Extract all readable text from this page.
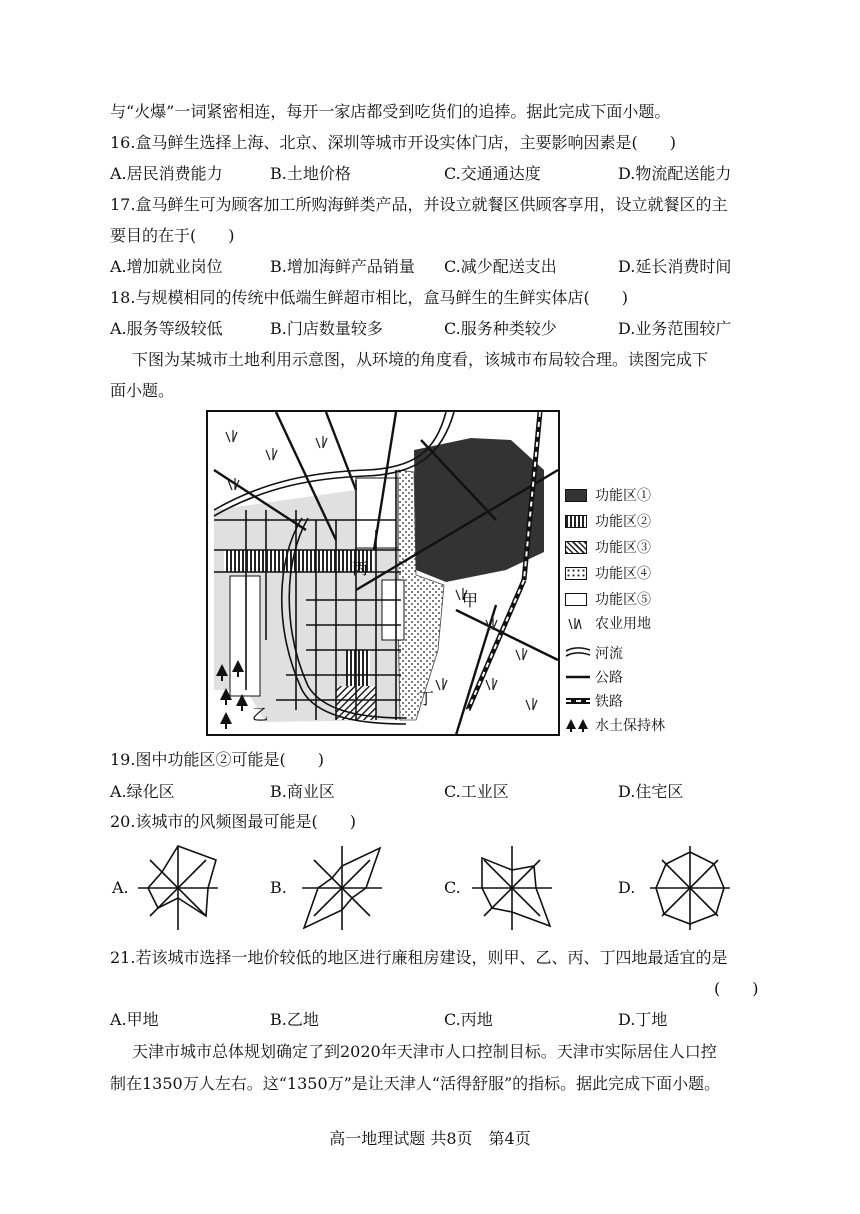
与“火爆”一词紧密相连，每开一家店都受到吃货们的追捧。据此完成下面小题。
16.盒马鲜生选择上海、北京、深圳等城市开设实体门店，主要影响因素是(　　)
A.居民消费能力	B.土地价格	C.交通通达度	D.物流配送能力
17.盒马鲜生可为顾客加工所购海鲜类产品，并设立就餐区供顾客享用，设立就餐区的主
要目的在于(　　)
A.增加就业岗位	B.增加海鲜产品销量 C.减少配送支出	D.延长消费时间
18.与规模相同的传统中低端生鲜超市相比，盒马鲜生的生鲜实体店(　　)
A.服务等级较低	B.门店数量较多	C.服务种类较少	D.业务范围较广
下图为某城市土地利用示意图，从环境的角度看，该城市布局较合理。读图完成下
面小题。
丙
甲
乙
丁
功能区①
功能区②
功能区③
功能区④
功能区⑤
农业用地
河流
公路
铁路
水土保持林
19.图中功能区②可能是(　　)
A.绿化区	B.商业区	C.工业区	D.住宅区
20.该城市的风频图最可能是(　　)
A.	B.	C.	D.
21.若该城市选择一地价较低的地区进行廉租房建设，则甲、乙、丙、丁四地最适宜的是
(　　)
A.甲地	B.乙地	C.丙地	D.丁地
天津市城市总体规划确定了到2020年天津市人口控制目标。天津市实际居住人口控
制在1350万人左右。这“1350万”是让天津人“活得舒服”的指标。据此完成下面小题。
高一地理试题 共8页　第4页
